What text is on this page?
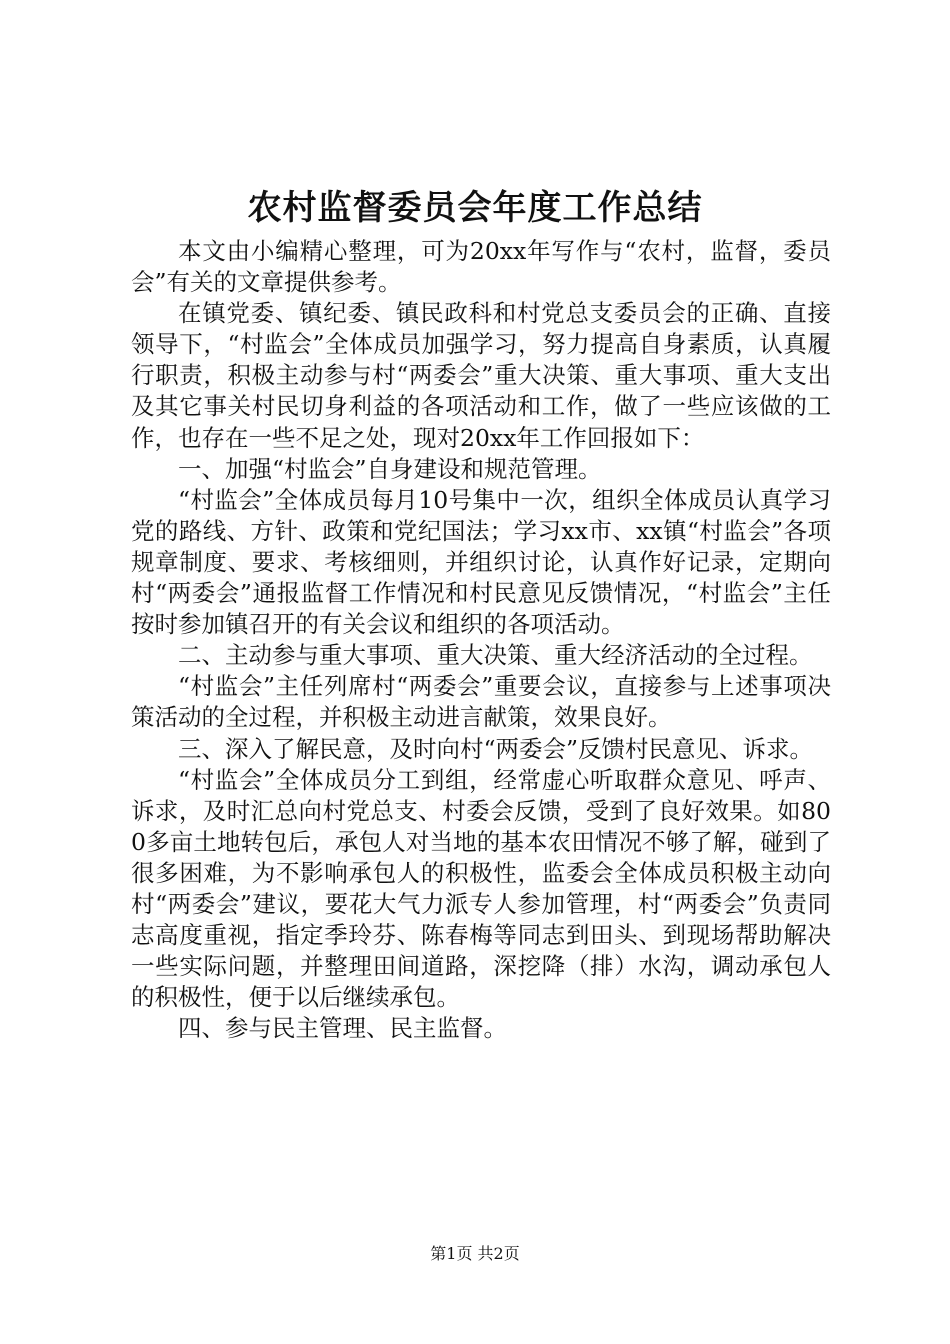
农村监督委员会年度工作总结

本文由小编精心整理，可为20xx年写作与“农村，监督，委员会”有关的文章提供参考。

在镇党委、镇纪委、镇民政科和村党总支委员会的正确、直接领导下，“村监会”全体成员加强学习，努力提高自身素质，认真履行职责，积极主动参与村“两委会”重大决策、重大事项、重大支出及其它事关村民切身利益的各项活动和工作，做了一些应该做的工作，也存在一些不足之处，现对20xx年工作回报如下：

一、加强“村监会”自身建设和规范管理。

“村监会”全体成员每月10号集中一次，组织全体成员认真学习党的路线、方针、政策和党纪国法；学习xx市、xx镇“村监会”各项规章制度、要求、考核细则，并组织讨论，认真作好记录，定期向村“两委会”通报监督工作情况和村民意见反馈情况，“村监会”主任按时参加镇召开的有关会议和组织的各项活动。

二、主动参与重大事项、重大决策、重大经济活动的全过程。

“村监会”主任列席村“两委会”重要会议，直接参与上述事项决策活动的全过程，并积极主动进言献策，效果良好。

三、深入了解民意，及时向村“两委会”反馈村民意见、诉求。

“村监会”全体成员分工到组，经常虚心听取群众意见、呼声、诉求，及时汇总向村党总支、村委会反馈，受到了良好效果。如800多亩土地转包后，承包人对当地的基本农田情况不够了解，碰到了很多困难，为不影响承包人的积极性，监委会全体成员积极主动向村“两委会”建议，要花大气力派专人参加管理，村“两委会”负责同志高度重视，指定季玲芬、陈春梅等同志到田头、到现场帮助解决一些实际问题，并整理田间道路，深挖降（排）水沟，调动承包人的积极性，便于以后继续承包。

四、参与民主管理、民主监督。

第1页 共2页
